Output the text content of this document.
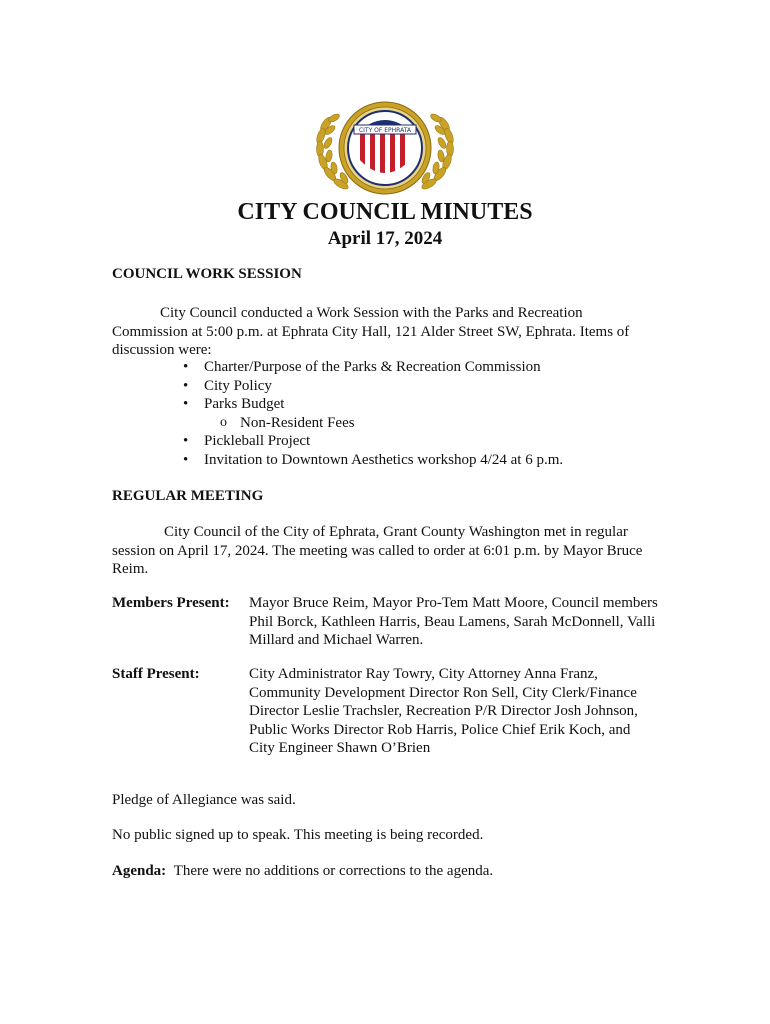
CITY OF EPHRATA
CITY COUNCIL MINUTES
April 17, 2024
COUNCIL WORK SESSION
City Council conducted a Work Session with the Parks and Recreation Commission at 5:00 p.m. at Ephrata City Hall, 121 Alder Street SW, Ephrata. Items of discussion were:
• Charter/Purpose of the Parks & Recreation Commission
• City Policy
• Parks Budget
o Non-Resident Fees
• Pickleball Project
• Invitation to Downtown Aesthetics workshop 4/24 at 6 p.m.
REGULAR MEETING
City Council of the City of Ephrata, Grant County Washington met in regular session on April 17, 2024. The meeting was called to order at 6:01 p.m. by Mayor Bruce Reim.
Members Present: Mayor Bruce Reim, Mayor Pro-Tem Matt Moore, Council members Phil Borck, Kathleen Harris, Beau Lamens, Sarah McDonnell, Valli Millard and Michael Warren.
Staff Present:	City Administrator Ray Towry, City Attorney Anna Franz, Community Development Director Ron Sell, City Clerk/Finance Director Leslie Trachsler, Recreation P/R Director Josh Johnson, Public Works Director Rob Harris, Police Chief Erik Koch, and City Engineer Shawn O’Brien
Pledge of Allegiance was said.
No public signed up to speak. This meeting is being recorded.
Agenda: There were no additions or corrections to the agenda.
